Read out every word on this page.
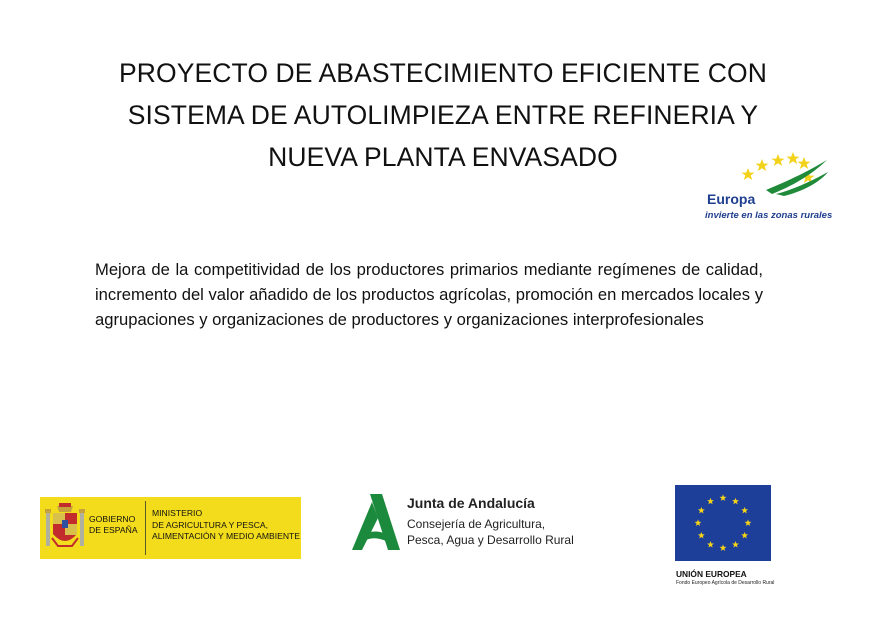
PROYECTO DE ABASTECIMIENTO EFICIENTE CON
SISTEMA DE AUTOLIMPIEZA ENTRE REFINERIA Y
NUEVA PLANTA ENVASADO
Europa
invierte en las zonas rurales
Mejora de la competitividad de los productores primarios mediante regímenes de calidad, incremento del valor añadido de los productos agrícolas, promoción en mercados locales y agrupaciones y organizaciones de productores y organizaciones interprofesionales
GOBIERNO
DE ESPAÑA
MINISTERIO
DE AGRICULTURA Y PESCA,
ALIMENTACIÓN Y MEDIO AMBIENTE
Junta de Andalucía
Consejería de Agricultura,
Pesca, Agua y Desarrollo Rural
UNIÓN EUROPEA
Fondo Europeo Agrícola de Desarrollo Rural
